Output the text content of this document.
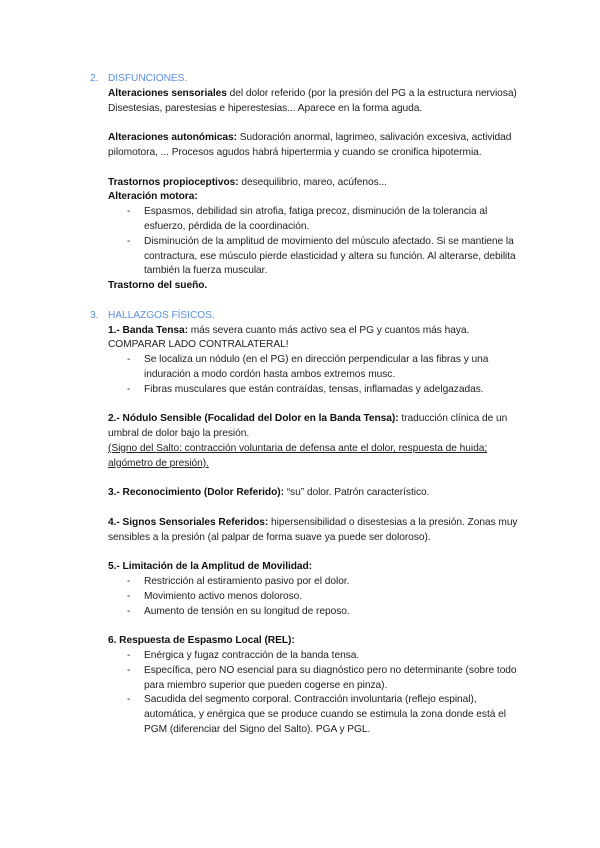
2. DISFUNCIONES.

Alteraciones sensoriales del dolor referido (por la presión del PG a la estructura nerviosa) Disestesias, parestesias e hiperestesias... Aparece en la forma aguda.

Alteraciones autonómicas: Sudoración anormal, lagrimeo, salivación excesiva, actividad pilomotora, ... Procesos agudos habrá hipertermia y cuando se cronifica hipotermia.

Trastornos propioceptivos: desequilibrio, mareo, acúfenos...

Alteración motora:

- Espasmos, debilidad sin atrofia, fatiga precoz, disminución de la tolerancia al esfuerzo, pérdida de la coordinación.
- Disminución de la amplitud de movimiento del músculo afectado. Si se mantiene la contractura, ese músculo pierde elasticidad y altera su función. Al alterarse, debilita también la fuerza muscular.

Trastorno del sueño.

3. HALLAZGOS FÍSICOS.

1.- Banda Tensa: más severa cuanto más activo sea el PG y cuantos más haya. COMPARAR LADO CONTRALATERAL!

- Se localiza un nódulo (en el PG) en dirección perpendicular a las fibras y una induración a modo cordón hasta ambos extremos musc.
- Fibras musculares que están contraídas, tensas, inflamadas y adelgazadas.

2.- Nódulo Sensible (Focalidad del Dolor en la Banda Tensa): traducción clínica de un umbral de dolor bajo la presión.

(Signo del Salto: contracción voluntaria de defensa ante el dolor, respuesta de huida; algómetro de presión).

3.- Reconocimiento (Dolor Referido): “su” dolor. Patrón característico.

4.- Signos Sensoriales Referidos: hipersensibilidad o disestesias a la presión. Zonas muy sensibles a la presión (al palpar de forma suave ya puede ser doloroso).

5.- Limitación de la Amplitud de Movilidad:

- Restricción al estiramiento pasivo por el dolor.
- Movimiento activo menos doloroso.
- Aumento de tensión en su longitud de reposo.

6. Respuesta de Espasmo Local (REL):

- Enérgica y fugaz contracción de la banda tensa.
- Específica, pero NO esencial para su diagnóstico pero no determinante (sobre todo para miembro superior que pueden cogerse en pinza).
- Sacudida del segmento corporal. Contracción involuntaria (reflejo espinal), automática, y enérgica que se produce cuando se estimula la zona donde está el PGM (diferenciar del Signo del Salto). PGA y PGL.
